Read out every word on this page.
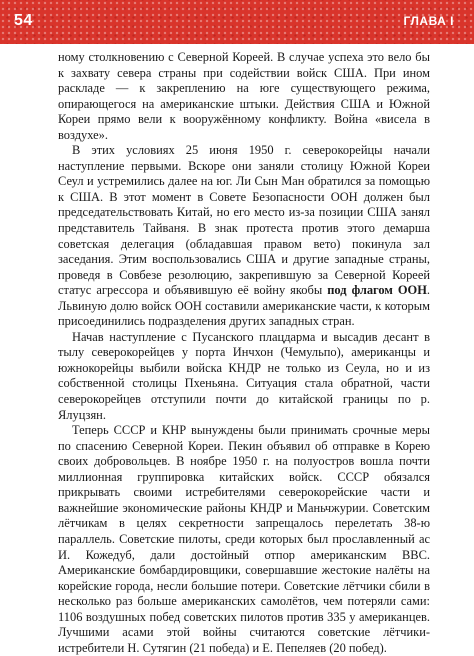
54	ГЛАВА I

ному столкновению с Северной Кореей. В случае успеха это вело бы к захвату севера страны при содействии войск США. При ином раскладе — к закреплению на юге существующего режима, опирающегося на американские штыки. Действия США и Южной Кореи прямо вели к вооружённому конфликту. Война «висела в воздухе».

В этих условиях 25 июня 1950 г. северокорейцы начали наступление первыми. Вскоре они заняли столицу Южной Кореи Сеул и устремились далее на юг. Ли Сын Ман обратился за помощью к США. В этот момент в Совете Безопасности ООН должен был председательствовать Китай, но его место из-за позиции США занял представитель Тайваня. В знак протеста против этого демарша советская делегация (обладавшая правом вето) покинула зал заседания. Этим воспользовались США и другие западные страны, проведя в Совбезе резолюцию, закрепившую за Северной Кореей статус агрессора и объявившую её войну якобы под флагом ООН. Львиную долю войск ООН составили американские части, к которым присоединились подразделения других западных стран.

Начав наступление с Пусанского плацдарма и высадив десант в тылу северокорейцев у порта Инчхон (Чемульпо), американцы и южнокорейцы выбили войска КНДР не только из Сеула, но и из собственной столицы Пхеньяна. Ситуация стала обратной, части северокорейцев отступили почти до китайской границы по р. Ялуцзян.

Теперь СССР и КНР вынуждены были принимать срочные меры по спасению Северной Кореи. Пекин объявил об отправке в Корею своих добровольцев. В ноябре 1950 г. на полуостров вошла почти миллионная группировка китайских войск. СССР обязался прикрывать своими истребителями северокорейские части и важнейшие экономические районы КНДР и Маньчжурии. Советским лётчикам в целях секретности запрещалось перелетать 38-ю параллель. Советские пилоты, среди которых был прославленный ас И. Кожедуб, дали достойный отпор американским ВВС. Американские бомбардировщики, совершавшие жестокие налёты на корейские города, несли большие потери. Советские лётчики сбили в несколько раз больше американских самолётов, чем потеряли сами: 1106 воздушных побед советских пилотов против 335 у американцев. Лучшими асами этой войны считаются советские лётчики-истребители Н. Сутягин (21 победа) и Е. Пепеляев (20 побед).
